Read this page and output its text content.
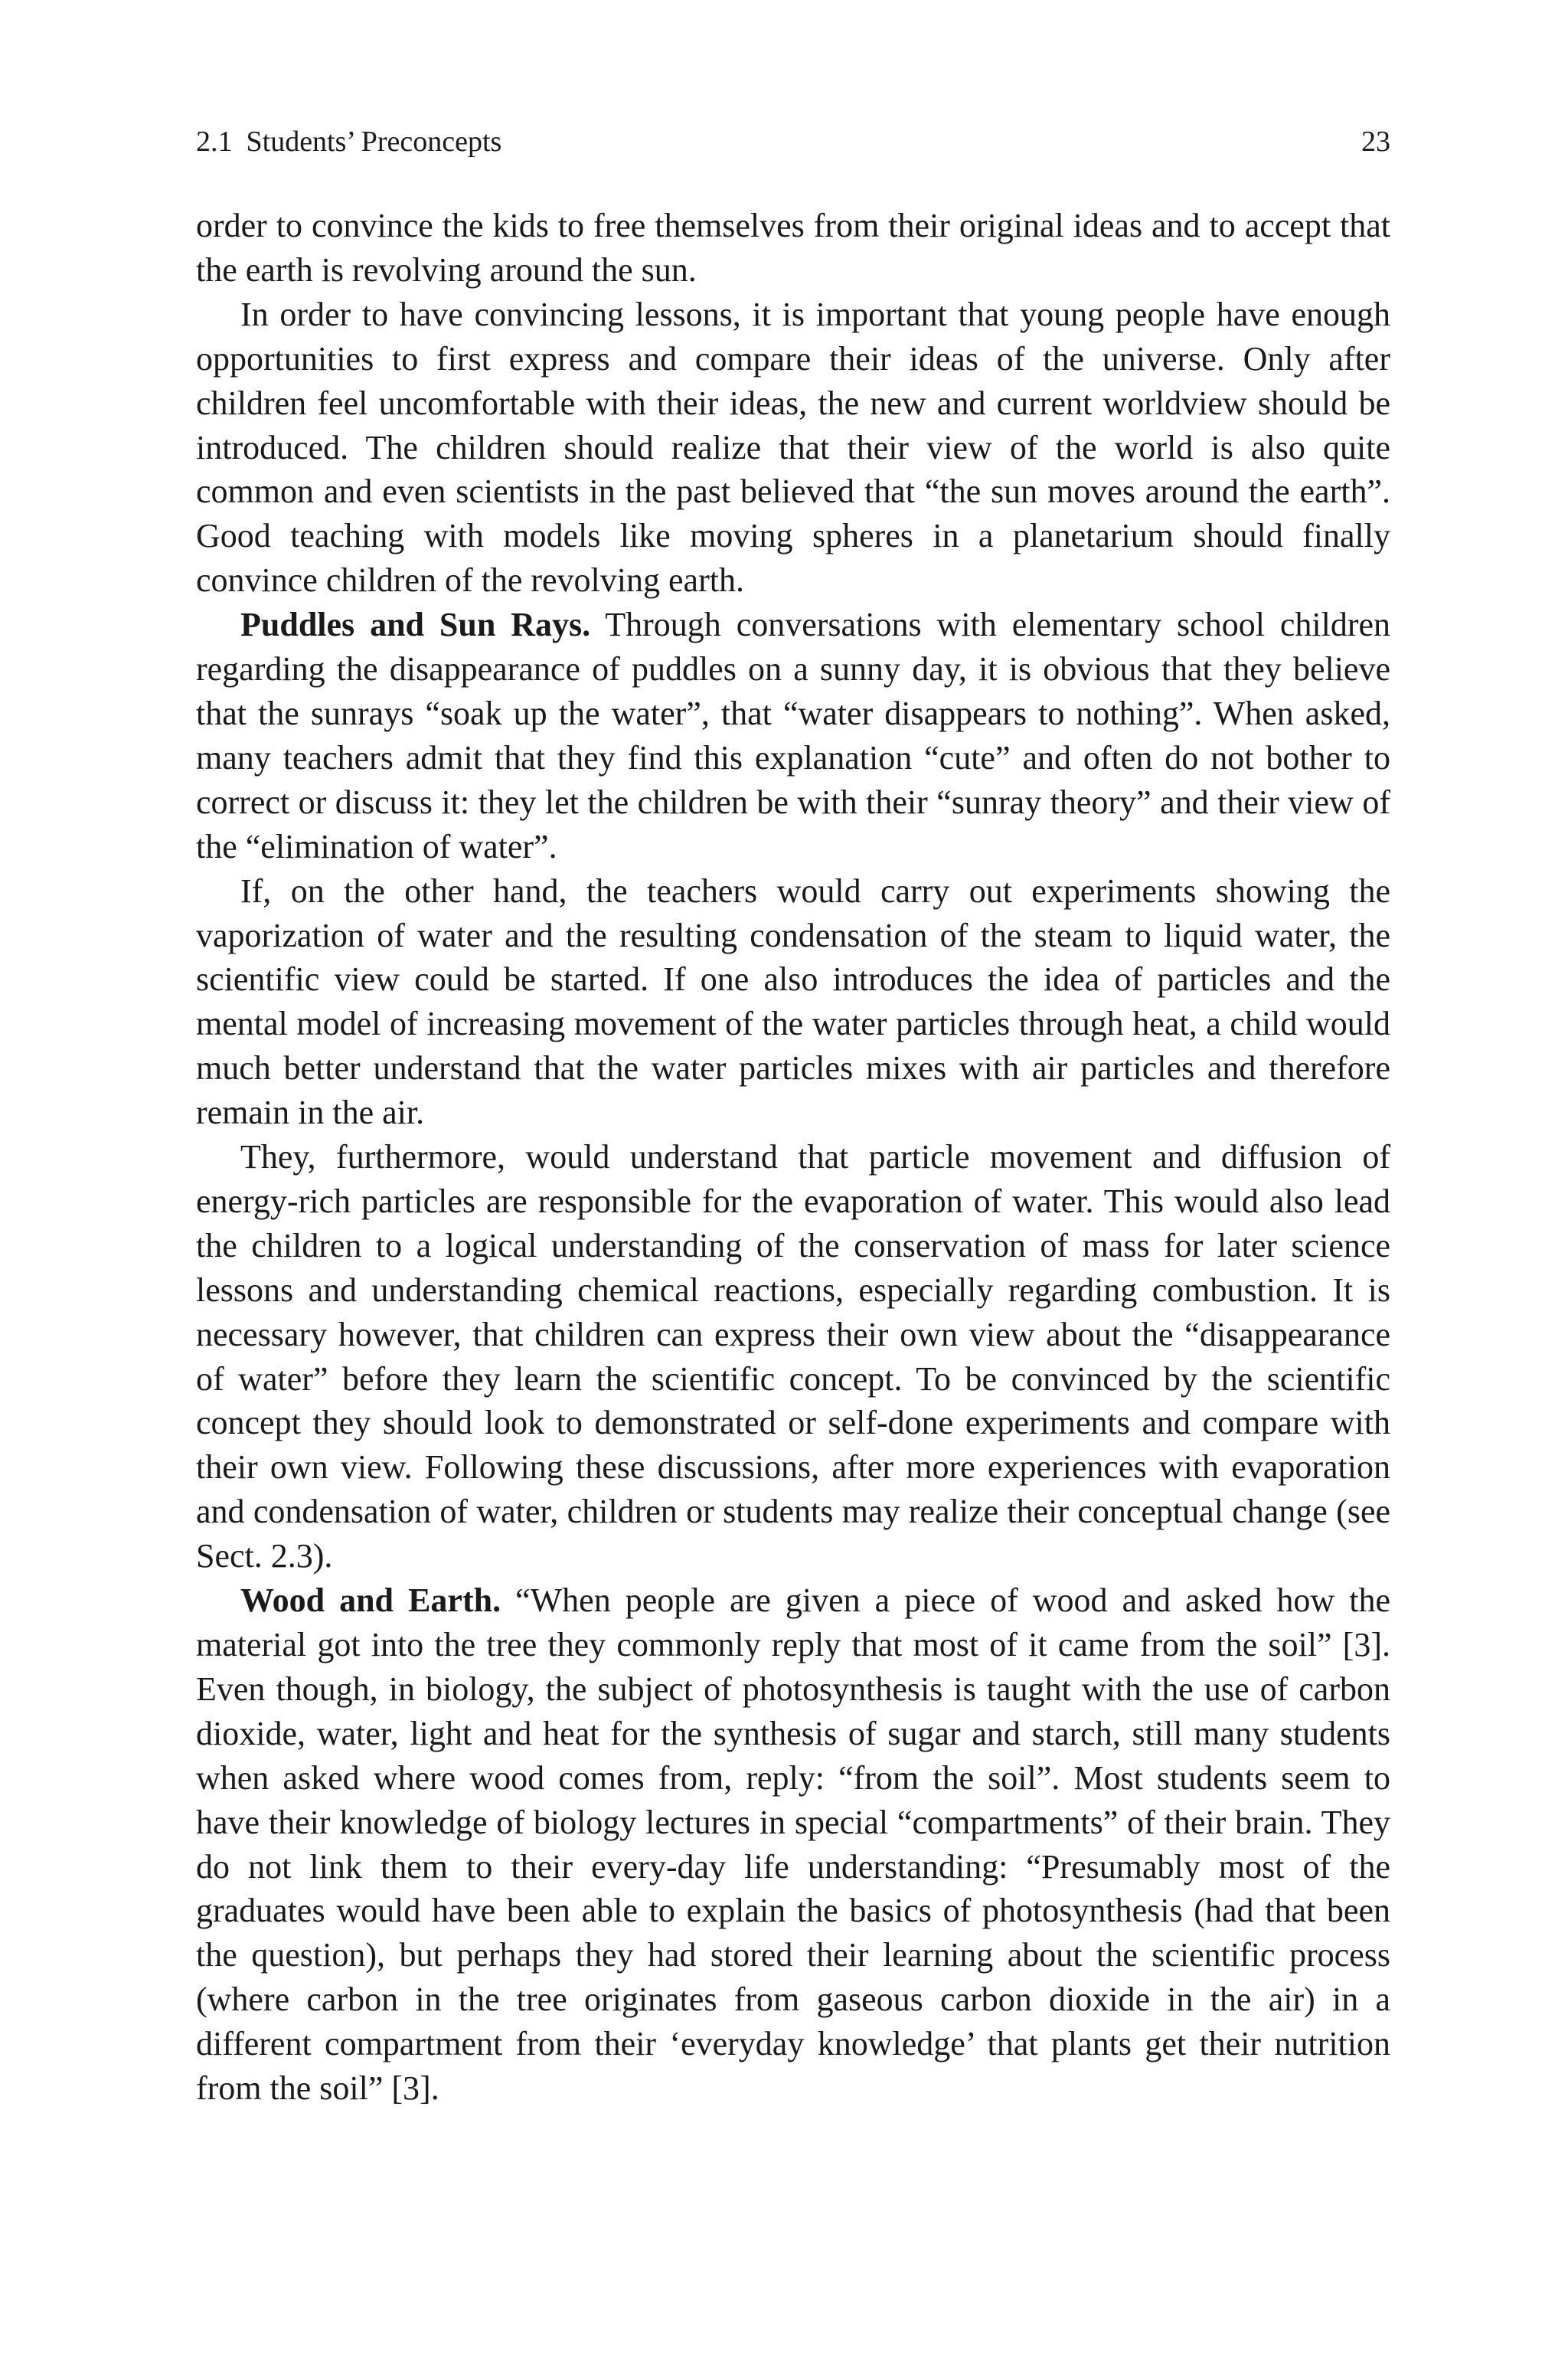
2.1 Students’ Preconcepts	23

order to convince the kids to free themselves from their original ideas and to accept that the earth is revolving around the sun.

In order to have convincing lessons, it is important that young people have enough opportunities to first express and compare their ideas of the universe. Only after children feel uncomfortable with their ideas, the new and current worldview should be introduced. The children should realize that their view of the world is also quite common and even scientists in the past believed that “the sun moves around the earth”. Good teaching with models like moving spheres in a planetarium should finally convince children of the revolving earth.

Puddles and Sun Rays. Through conversations with elementary school children regarding the disappearance of puddles on a sunny day, it is obvious that they believe that the sunrays “soak up the water”, that “water disappears to nothing”. When asked, many teachers admit that they find this explanation “cute” and often do not bother to correct or discuss it: they let the children be with their “sunray theory” and their view of the “elimination of water”.

If, on the other hand, the teachers would carry out experiments showing the vaporization of water and the resulting condensation of the steam to liquid water, the scientific view could be started. If one also introduces the idea of particles and the mental model of increasing movement of the water particles through heat, a child would much better understand that the water particles mixes with air particles and therefore remain in the air.

They, furthermore, would understand that particle movement and diffusion of energy-rich particles are responsible for the evaporation of water. This would also lead the children to a logical understanding of the conservation of mass for later science lessons and understanding chemical reactions, especially regarding combustion. It is necessary however, that children can express their own view about the “disappearance of water” before they learn the scientific concept. To be convinced by the scientific concept they should look to demonstrated or self-done experiments and compare with their own view. Following these discussions, after more experiences with evaporation and condensation of water, children or students may realize their conceptual change (see Sect. 2.3).

Wood and Earth. “When people are given a piece of wood and asked how the material got into the tree they commonly reply that most of it came from the soil” [3]. Even though, in biology, the subject of photosynthesis is taught with the use of carbon dioxide, water, light and heat for the synthesis of sugar and starch, still many students when asked where wood comes from, reply: “from the soil”. Most students seem to have their knowledge of biology lectures in special “compartments” of their brain. They do not link them to their every-day life understanding: “Presumably most of the graduates would have been able to explain the basics of photosynthesis (had that been the question), but perhaps they had stored their learning about the scientific process (where carbon in the tree originates from gaseous carbon dioxide in the air) in a different compartment from their ‘everyday knowledge’ that plants get their nutrition from the soil” [3].
